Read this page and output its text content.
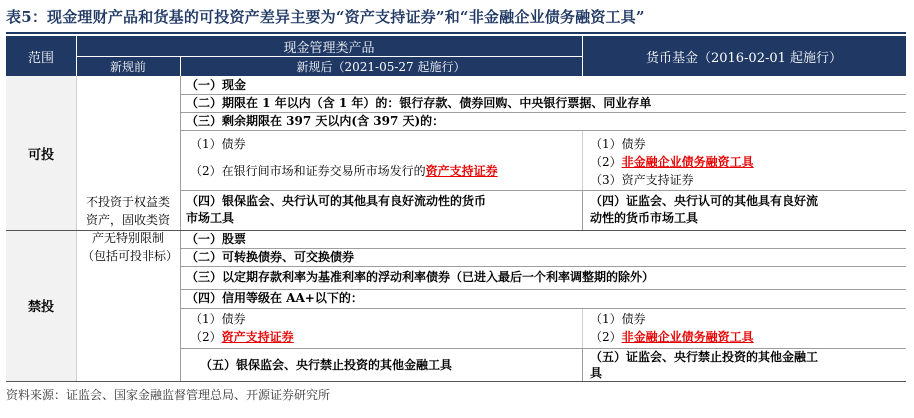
表5：现金理财产品和货基的可投资产差异主要为“资产支持证券”和“非金融企业债务融资工具”
范围
现金管理类产品
货币基金（2016-02-01 起施行）
新规前	新规后（2021-05-27 起施行）
可投
禁投
不投资于权益类资产，固收类资产无特别限制（包括可投非标）
（一）现金
（二）期限在 1 年以内（含 1 年）的：银行存款、债券回购、中央银行票据、同业存单
（三）剩余期限在 397 天以内(含 397 天)的：
（1）债券
（2）在银行间市场和证券交易所市场发行的资产支持证券
（1）债券
（2）非金融企业债务融资工具
（3）资产支持证券
（四）银保监会、央行认可的其他具有良好流动性的货币
市场工具
（四）证监会、央行认可的其他具有良好流
动性的货币市场工具
（一）股票
（二）可转换债券、可交换债券
（三）以定期存款利率为基准利率的浮动利率债券（已进入最后一个利率调整期的除外）
（四）信用等级在 AA+以下的：
（1）债券
（2）资产支持证券
（1）债券
（2）非金融企业债务融资工具
（五）银保监会、央行禁止投资的其他金融工具
（五）证监会、央行禁止投资的其他金融工
具
资料来源：证监会、国家金融监督管理总局、开源证券研究所
